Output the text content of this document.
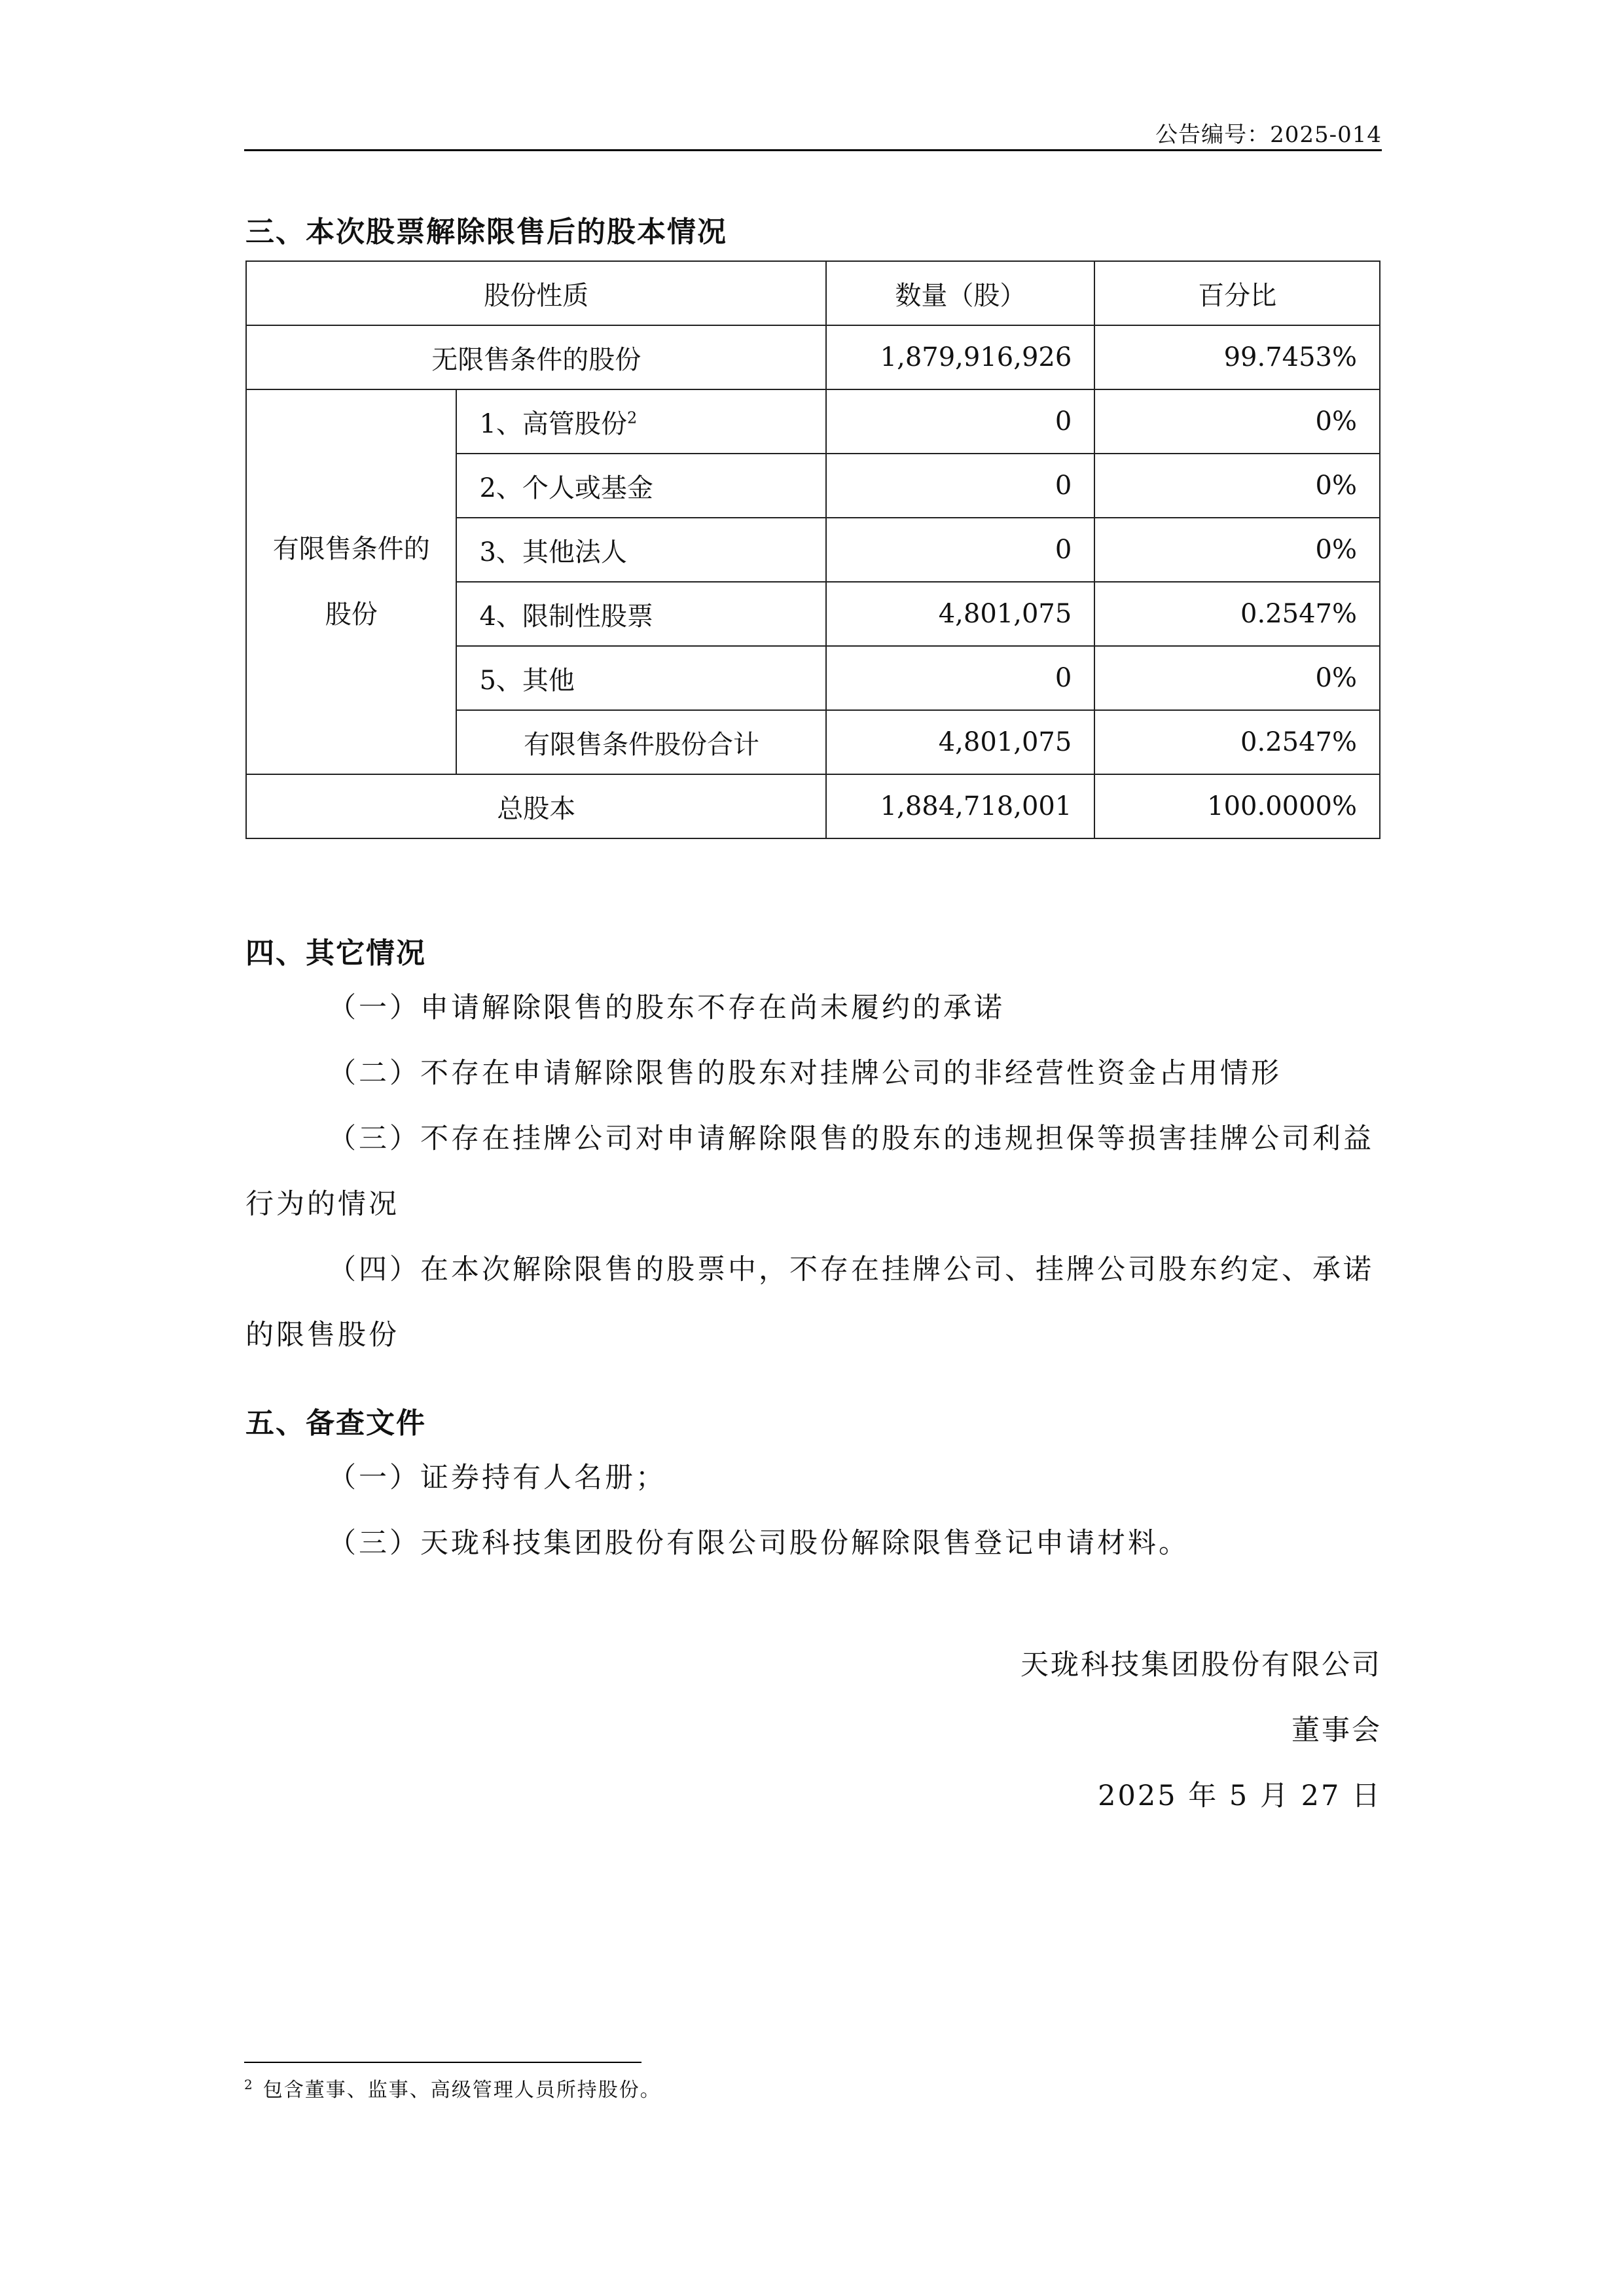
公告编号：2025-014
三、本次股票解除限售后的股本情况
股份性质		数量（股）	百分比
无限售条件的股份		1,879,916,926	99.7453%
有限售条件的
股份	1、高管股份$^2$	0	0%
	2、个人或基金	0	0%
	3、其他法人	0	0%
	4、限制性股票	4,801,075	0.2547%
	5、其他	0	0%
	有限售条件股份合计	4,801,075	0.2547%
总股本		1,884,718,001	100.0000%
四、其它情况
（一）申请解除限售的股东不存在尚未履约的承诺
（二）不存在申请解除限售的股东对挂牌公司的非经营性资金占用情形
（三）不存在挂牌公司对申请解除限售的股东的违规担保等损害挂牌公司利益行为的情况
（四）在本次解除限售的股票中，不存在挂牌公司、挂牌公司股东约定、承诺的限售股份
五、备查文件
（一）证券持有人名册；
（三）天珑科技集团股份有限公司股份解除限售登记申请材料。
天珑科技集团股份有限公司
董事会
2025 年 5 月 27 日
$^2$ 包含董事、监事、高级管理人员所持股份。
